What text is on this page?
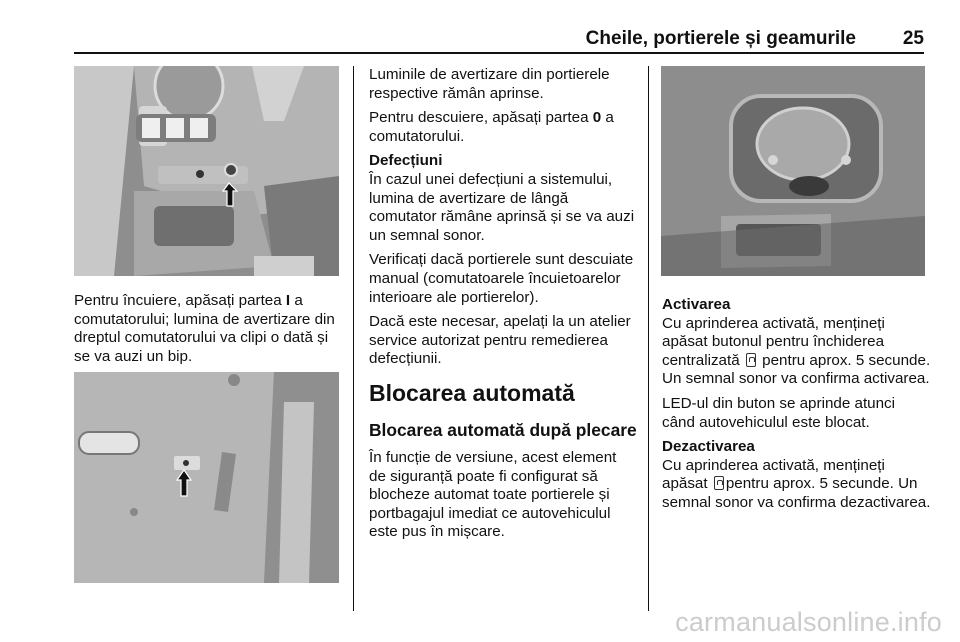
Cheile, portierele și geamurile 25

Pentru încuiere, apăsați partea I a comutatorului; lumina de avertizare din dreptul comutatorului va clipi o dată și se va auzi un bip.

Luminile de avertizare din portierele respective rămân aprinse.

Pentru descuiere, apăsați partea 0 a comutatorului.

Defecțiuni

În cazul unei defecțiuni a sistemului, lumina de avertizare de lângă comutator rămâne aprinsă și se va auzi un semnal sonor.

Verificați dacă portierele sunt descuiate manual (comutatoarele încuietoarelor interioare ale portierelor).

Dacă este necesar, apelați la un atelier service autorizat pentru remedierea defecțiunii.

Blocarea automată
Blocarea automată după plecare

În funcție de versiune, acest element de siguranță poate fi configurat să blocheze automat toate portierele și portbagajul imediat ce autovehiculul este pus în mișcare.

Activarea

Cu aprinderea activată, mențineți apăsat butonul pentru închiderea centralizată pentru aprox. 5 secunde. Un semnal sonor va confirma activarea.

LED-ul din buton se aprinde atunci când autovehiculul este blocat.

Dezactivarea

Cu aprinderea activată, mențineți apăsat pentru aprox. 5 secunde. Un semnal sonor va confirma dezactivarea.

carmanualsonline.info
